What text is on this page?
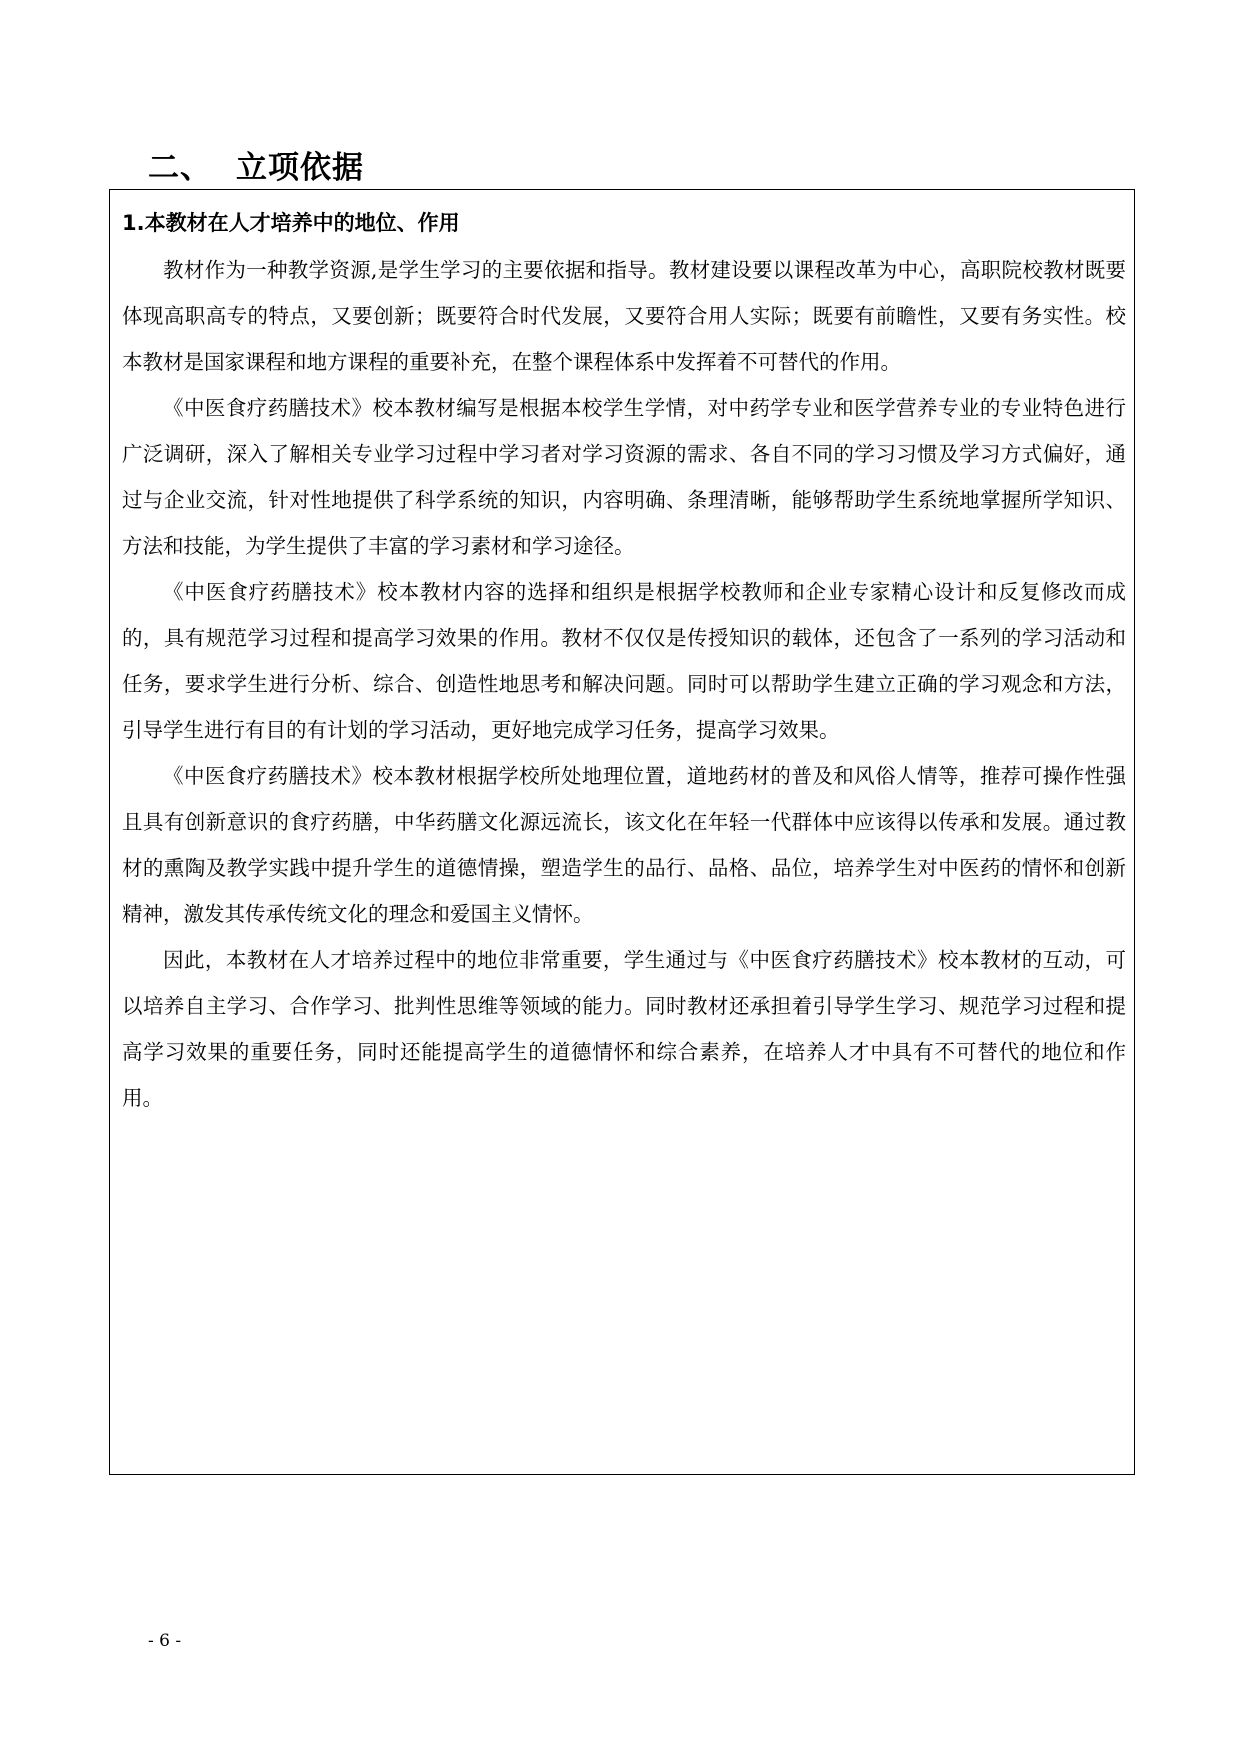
二、 立项依据
1.本教材在人才培养中的地位、作用

教材作为一种教学资源,是学生学习的主要依据和指导。教材建设要以课程改革为中心，高职院校教材既要体现高职高专的特点，又要创新；既要符合时代发展，又要符合用人实际；既要有前瞻性，又要有务实性。校本教材是国家课程和地方课程的重要补充，在整个课程体系中发挥着不可替代的作用。

《中医食疗药膳技术》校本教材编写是根据本校学生学情，对中药学专业和医学营养专业的专业特色进行广泛调研，深入了解相关专业学习过程中学习者对学习资源的需求、各自不同的学习习惯及学习方式偏好，通过与企业交流，针对性地提供了科学系统的知识，内容明确、条理清晰，能够帮助学生系统地掌握所学知识、方法和技能，为学生提供了丰富的学习素材和学习途径。

《中医食疗药膳技术》校本教材内容的选择和组织是根据学校教师和企业专家精心设计和反复修改而成的，具有规范学习过程和提高学习效果的作用。教材不仅仅是传授知识的载体，还包含了一系列的学习活动和任务，要求学生进行分析、综合、创造性地思考和解决问题。同时可以帮助学生建立正确的学习观念和方法，引导学生进行有目的有计划的学习活动，更好地完成学习任务，提高学习效果。

《中医食疗药膳技术》校本教材根据学校所处地理位置，道地药材的普及和风俗人情等，推荐可操作性强且具有创新意识的食疗药膳，中华药膳文化源远流长，该文化在年轻一代群体中应该得以传承和发展。通过教材的熏陶及教学实践中提升学生的道德情操，塑造学生的品行、品格、品位，培养学生对中医药的情怀和创新精神，激发其传承传统文化的理念和爱国主义情怀。

因此，本教材在人才培养过程中的地位非常重要，学生通过与《中医食疗药膳技术》校本教材的互动，可以培养自主学习、合作学习、批判性思维等领域的能力。同时教材还承担着引导学生学习、规范学习过程和提高学习效果的重要任务，同时还能提高学生的道德情怀和综合素养，在培养人才中具有不可替代的地位和作用。

- 6 -
